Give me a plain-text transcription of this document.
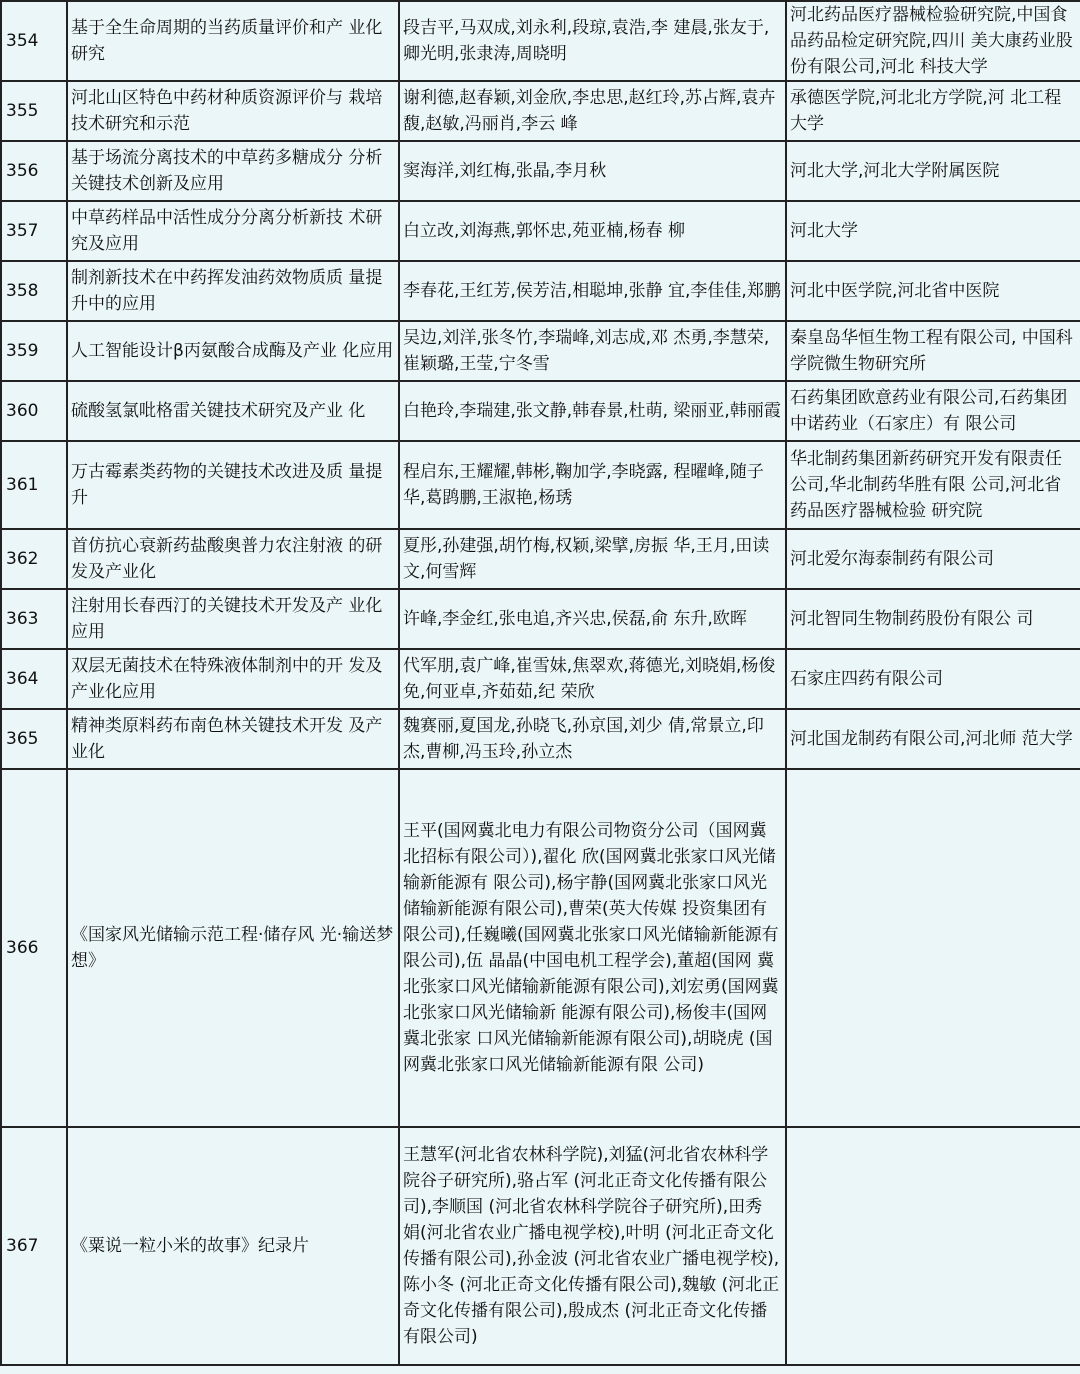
354	基于全生命周期的当药质量评价和产 业化研究	段吉平,马双成,刘永利,段琼,袁浩,李 建晨,张友于,卿光明,张隶涛,周晓明	河北药品医疗器械检验研究院,中国食品药品检定研究院,四川 美大康药业股份有限公司,河北 科技大学
355	河北山区特色中药材种质资源评价与 栽培技术研究和示范	谢利德,赵春颖,刘金欣,李忠思,赵红玲,苏占辉,袁卉馥,赵敏,冯丽肖,李云 峰	承德医学院,河北北方学院,河 北工程大学
356	基于场流分离技术的中草药多糖成分 分析关键技术创新及应用	窦海洋,刘红梅,张晶,李月秋	河北大学,河北大学附属医院
357	中草药样品中活性成分分离分析新技 术研究及应用	白立改,刘海燕,郭怀忠,苑亚楠,杨春 柳	河北大学
358	制剂新技术在中药挥发油药效物质质 量提升中的应用	李春花,王红芳,侯芳洁,相聪坤,张静 宜,李佳佳,郑鹏	河北中医学院,河北省中医院
359	人工智能设计β丙氨酸合成酶及产业 化应用	吴边,刘洋,张冬竹,李瑞峰,刘志成,邓 杰勇,李慧荣,崔颖璐,王莹,宁冬雪	秦皇岛华恒生物工程有限公司, 中国科学院微生物研究所
360	硫酸氢氯吡格雷关键技术研究及产业 化	白艳玲,李瑞建,张文静,韩春景,杜萌, 梁丽亚,韩丽霞	石药集团欧意药业有限公司,石药集团中诺药业（石家庄）有 限公司
361	万古霉素类药物的关键技术改进及质 量提升	程启东,王耀耀,韩彬,鞠加学,李晓露, 程曜峰,随子华,葛鹍鹏,王淑艳,杨琇	华北制药集团新药研究开发有限责任公司,华北制药华胜有限 公司,河北省药品医疗器械检验 研究院
362	首仿抗心衰新药盐酸奥普力农注射液 的研发及产业化	夏彤,孙建强,胡竹梅,权颖,梁擘,房振 华,王月,田读文,何雪辉	河北爱尔海泰制药有限公司
363	注射用长春西汀的关键技术开发及产 业化应用	许峰,李金红,张电追,齐兴忠,侯磊,俞 东升,欧晖	河北智同生物制药股份有限公 司
364	双层无菌技术在特殊液体制剂中的开 发及产业化应用	代军朋,袁广峰,崔雪妹,焦翠欢,蒋德光,刘晓娟,杨俊免,何亚卓,齐茹茹,纪 荣欣	石家庄四药有限公司
365	精神类原料药布南色林关键技术开发 及产业化	魏赛丽,夏国龙,孙晓飞,孙京国,刘少 倩,常景立,印杰,曹柳,冯玉玲,孙立杰	河北国龙制药有限公司,河北师 范大学
366	《国家风光储输示范工程·储存风 光·输送梦想》	王平(国网冀北电力有限公司物资分公司（国网冀北招标有限公司）),翟化 欣(国网冀北张家口风光储输新能源有 限公司),杨宇静(国网冀北张家口风光 储输新能源有限公司),曹荣(英大传媒 投资集团有限公司),任巍曦(国网冀北张家口风光储输新能源有限公司),伍 晶晶(中国电机工程学会),董超(国网 冀北张家口风光储输新能源有限公司),刘宏勇(国网冀北张家口风光储输新 能源有限公司),杨俊丰(国网冀北张家 口风光储输新能源有限公司),胡晓虎 (国网冀北张家口风光储输新能源有限 公司)	
367	《粟说一粒小米的故事》纪录片	王慧军(河北省农林科学院),刘猛(河北省农林科学院谷子研究所),骆占军 (河北正奇文化传播有限公司),李顺国 (河北省农林科学院谷子研究所),田秀 娟(河北省农业广播电视学校),叶明 (河北正奇文化传播有限公司),孙金波 (河北省农业广播电视学校),陈小冬 (河北正奇文化传播有限公司),魏敏 (河北正奇文化传播有限公司),殷成杰 (河北正奇文化传播有限公司)	
